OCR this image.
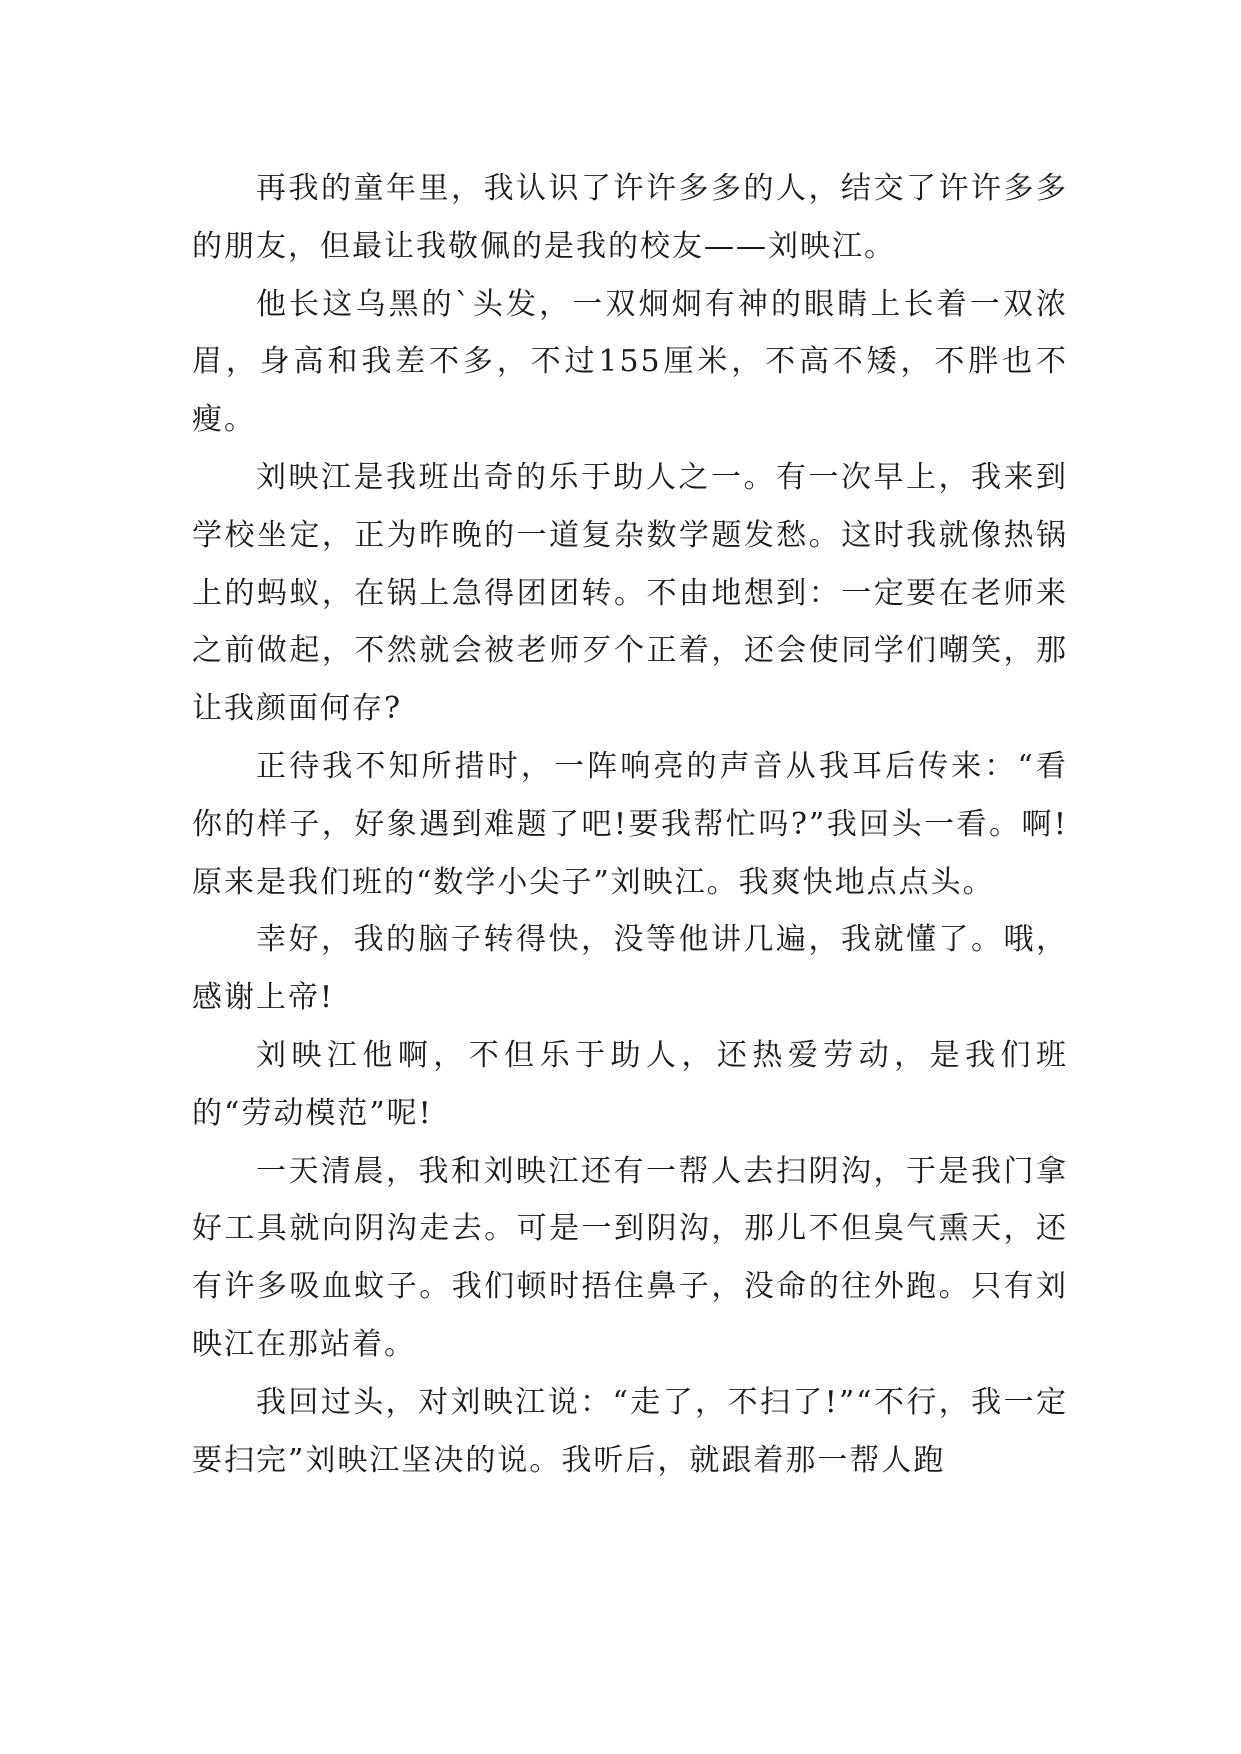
再我的童年里，我认识了许许多多的人，结交了许许多多的朋友，但最让我敬佩的是我的校友——刘映江。

他长这乌黑的`头发，一双炯炯有神的眼睛上长着一双浓眉，身高和我差不多，不过155厘米，不高不矮，不胖也不瘦。

刘映江是我班出奇的乐于助人之一。有一次早上，我来到学校坐定，正为昨晚的一道复杂数学题发愁。这时我就像热锅上的蚂蚁，在锅上急得团团转。不由地想到：一定要在老师来之前做起，不然就会被老师歹个正着，还会使同学们嘲笑，那让我颜面何存?

正待我不知所措时，一阵响亮的声音从我耳后传来：“看你的样子，好象遇到难题了吧!要我帮忙吗?”我回头一看。啊!原来是我们班的“数学小尖子”刘映江。我爽快地点点头。

幸好，我的脑子转得快，没等他讲几遍，我就懂了。哦，感谢上帝!

刘映江他啊，不但乐于助人，还热爱劳动，是我们班的“劳动模范”呢!

一天清晨，我和刘映江还有一帮人去扫阴沟，于是我门拿好工具就向阴沟走去。可是一到阴沟，那儿不但臭气熏天，还有许多吸血蚊子。我们顿时捂住鼻子，没命的往外跑。只有刘映江在那站着。

我回过头，对刘映江说：“走了，不扫了!”“不行，我一定要扫完”刘映江坚决的说。我听后，就跟着那一帮人跑
